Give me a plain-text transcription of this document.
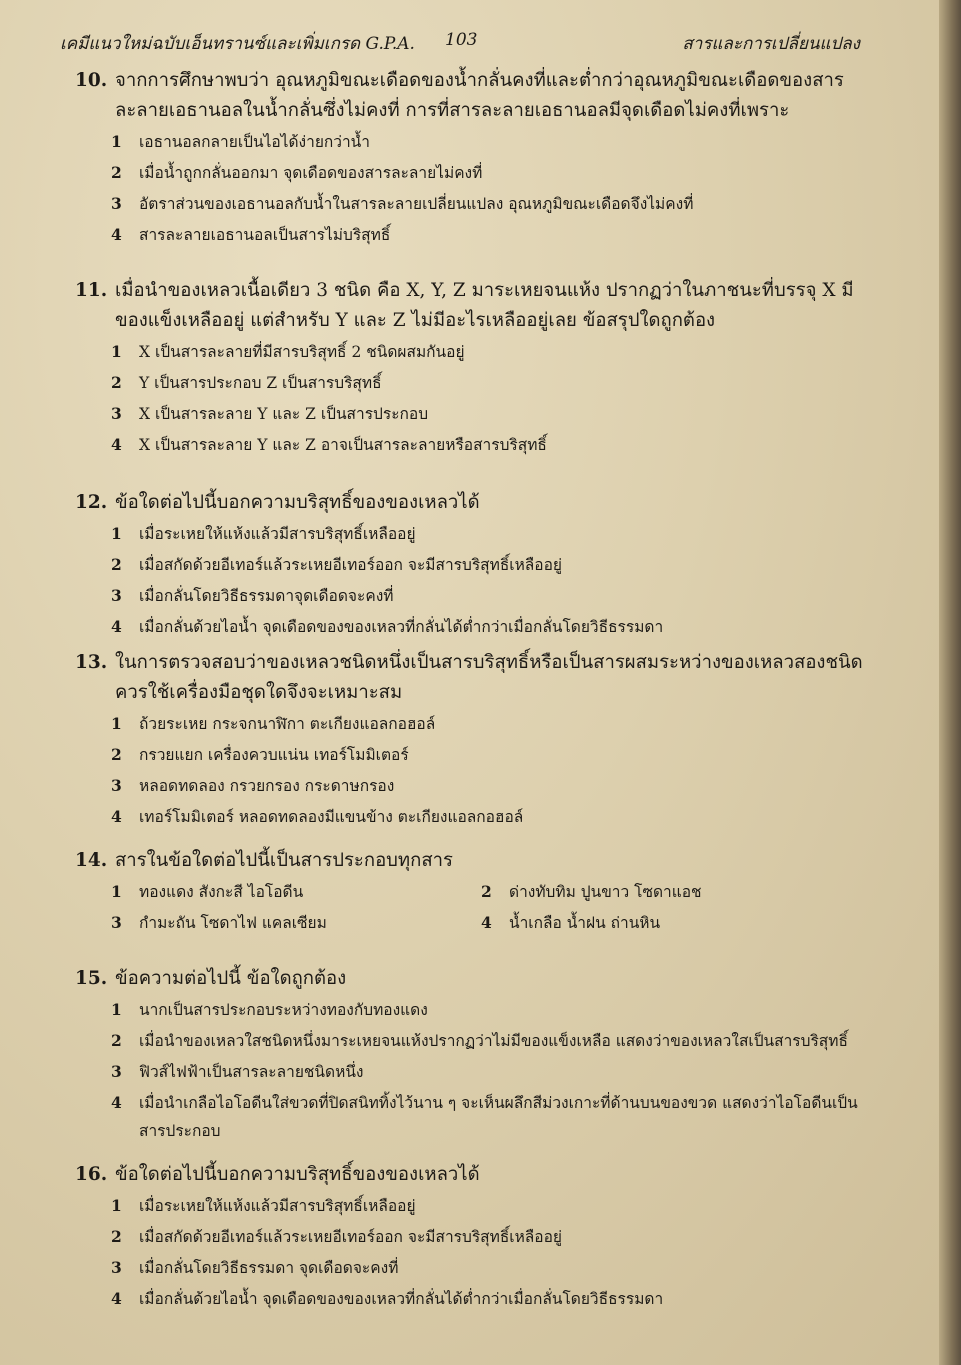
เคมีแนวใหม่ฉบับเอ็นทรานซ์และเพิ่มเกรด G.P.A. 103	สารและการเปลี่ยนแปลง
10. จากการศึกษาพบว่า อุณหภูมิขณะเดือดของน้ำกลั่นคงที่และต่ำกว่าอุณหภูมิขณะเดือดของสารละลายเอธานอลในน้ำกลั่นซึ่งไม่คงที่ การที่สารละลายเอธานอลมีจุดเดือดไม่คงที่เพราะ
1	เอธานอลกลายเป็นไอได้ง่ายกว่าน้ำ
2	เมื่อน้ำถูกกลั่นออกมา จุดเดือดของสารละลายไม่คงที่
3	อัตราส่วนของเอธานอลกับน้ำในสารละลายเปลี่ยนแปลง อุณหภูมิขณะเดือดจึงไม่คงที่
4	สารละลายเอธานอลเป็นสารไม่บริสุทธิ์
11. เมื่อนำของเหลวเนื้อเดียว 3 ชนิด คือ X, Y, Z มาระเหยจนแห้ง ปรากฏว่าในภาชนะที่บรรจุ X มีของแข็งเหลืออยู่ แต่สำหรับ Y และ Z ไม่มีอะไรเหลืออยู่เลย ข้อสรุปใดถูกต้อง
1	X เป็นสารละลายที่มีสารบริสุทธิ์ 2 ชนิดผสมกันอยู่
2	Y เป็นสารประกอบ Z เป็นสารบริสุทธิ์
3	X เป็นสารละลาย Y และ Z เป็นสารประกอบ
4	X เป็นสารละลาย Y และ Z อาจเป็นสารละลายหรือสารบริสุทธิ์
12. ข้อใดต่อไปนี้บอกความบริสุทธิ์ของของเหลวได้
1	เมื่อระเหยให้แห้งแล้วมีสารบริสุทธิ์เหลืออยู่
2	เมื่อสกัดด้วยอีเทอร์แล้วระเหยอีเทอร์ออก จะมีสารบริสุทธิ์เหลืออยู่
3	เมื่อกลั่นโดยวิธีธรรมดาจุดเดือดจะคงที่
4	เมื่อกลั่นด้วยไอน้ำ จุดเดือดของของเหลวที่กลั่นได้ต่ำกว่าเมื่อกลั่นโดยวิธีธรรมดา
13. ในการตรวจสอบว่าของเหลวชนิดหนึ่งเป็นสารบริสุทธิ์หรือเป็นสารผสมระหว่างของเหลวสองชนิด ควรใช้เครื่องมือชุดใดจึงจะเหมาะสม
1	ถ้วยระเหย กระจกนาฬิกา ตะเกียงแอลกอฮอล์
2	กรวยแยก เครื่องควบแน่น เทอร์โมมิเตอร์
3	หลอดทดลอง กรวยกรอง กระดาษกรอง
4	เทอร์โมมิเตอร์ หลอดทดลองมีแขนข้าง ตะเกียงแอลกอฮอล์
14. สารในข้อใดต่อไปนี้เป็นสารประกอบทุกสาร
1	ทองแดง สังกะสี ไอโอดีน	2	ด่างทับทิม ปูนขาว โซดาแอช
3	กำมะถัน โซดาไฟ แคลเซียม	4	น้ำเกลือ น้ำฝน ถ่านหิน
15. ข้อความต่อไปนี้ ข้อใดถูกต้อง
1	นากเป็นสารประกอบระหว่างทองกับทองแดง
2	เมื่อนำของเหลวใสชนิดหนึ่งมาระเหยจนแห้งปรากฏว่าไม่มีของแข็งเหลือ แสดงว่าของเหลวใสเป็นสารบริสุทธิ์
3	ฟิวส์ไฟฟ้าเป็นสารละลายชนิดหนึ่ง
4	เมื่อนำเกลือไอโอดีนใส่ขวดที่ปิดสนิททิ้งไว้นาน ๆ จะเห็นผลึกสีม่วงเกาะที่ด้านบนของขวด แสดงว่าไอโอดีนเป็นสารประกอบ
16. ข้อใดต่อไปนี้บอกความบริสุทธิ์ของของเหลวได้
1	เมื่อระเหยให้แห้งแล้วมีสารบริสุทธิ์เหลืออยู่
2	เมื่อสกัดด้วยอีเทอร์แล้วระเหยอีเทอร์ออก จะมีสารบริสุทธิ์เหลืออยู่
3	เมื่อกลั่นโดยวิธีธรรมดา จุดเดือดจะคงที่
4	เมื่อกลั่นด้วยไอน้ำ จุดเดือดของของเหลวที่กลั่นได้ต่ำกว่าเมื่อกลั่นโดยวิธีธรรมดา
